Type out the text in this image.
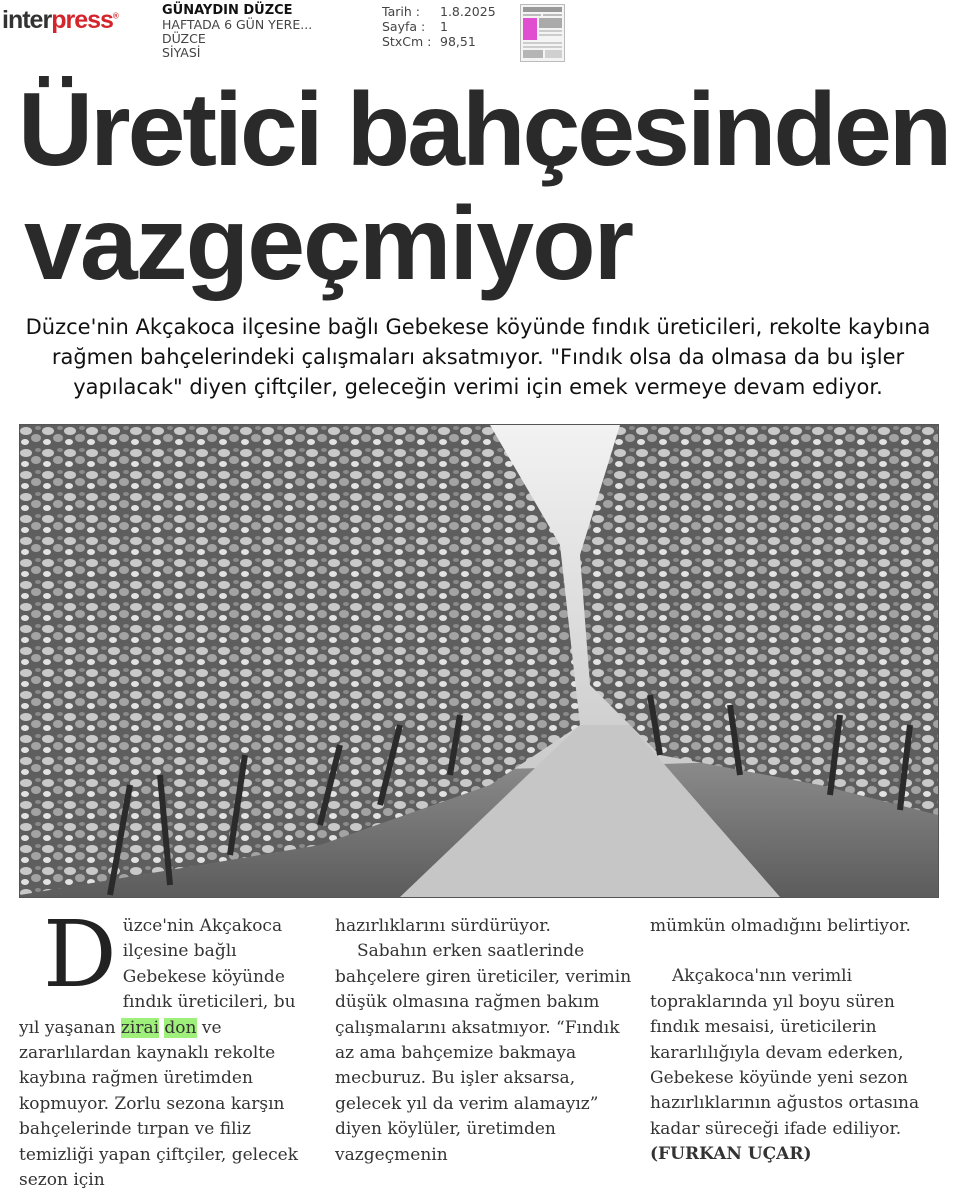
interpress®	GÜNAYDIN DÜZCE
HAFTADA 6 GÜN YERE...
DÜZCE
SİYASİ
Tarih : 1.8.2025
Sayfa : 1
StxCm : 98,51
Üretici bahçesinden
vazgeçmiyor
Düzce'nin Akçakoca ilçesine bağlı Gebekese köyünde fındık üreticileri, rekolte kaybına rağmen bahçelerindeki çalışmaları aksatmıyor. "Fındık olsa da olmasa da bu işler yapılacak" diyen çiftçiler, geleceğin verimi için emek vermeye devam ediyor.

Düzce'nin Akçakoca ilçesine bağlı Gebekese köyünde fındık üreticileri, bu yıl yaşanan zirai don ve zararlılardan kaynaklı rekolte kaybına rağmen üretimden kopmuyor. Zorlu sezona karşın bahçelerinde tırpan ve filiz temizliği yapan çiftçiler, gelecek sezon için

hazırlıklarını sürdürüyor.

Sabahın erken saatlerinde bahçelere giren üreticiler, verimin düşük olmasına rağmen bakım çalışmalarını aksatmıyor. “Fındık az ama bahçemize bakmaya mecburuz. Bu işler aksarsa, gelecek yıl da verim alamayız” diyen köylüler, üretimden vazgeçmenin

mümkün olmadığını belirtiyor.

Akçakoca'nın verimli topraklarında yıl boyu süren fındık mesaisi, üreticilerin kararlılığıyla devam ederken, Gebekese köyünde yeni sezon hazırlıklarının ağustos ortasına kadar süreceği ifade ediliyor.

(FURKAN UÇAR)
